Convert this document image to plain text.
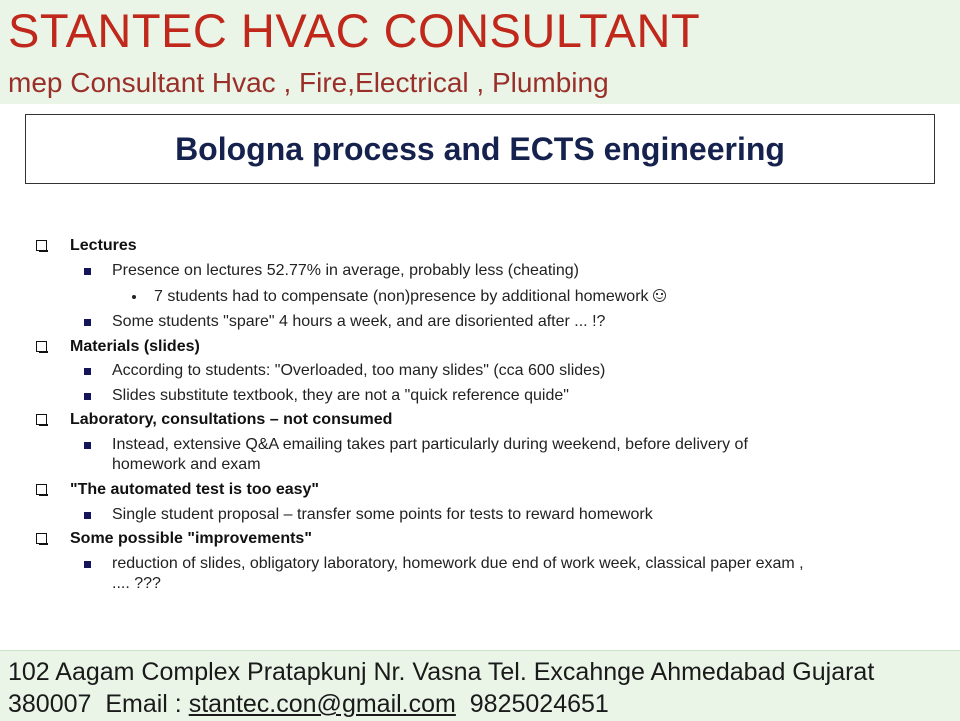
STANTEC HVAC CONSULTANT
mep Consultant Hvac , Fire,Electrical , Plumbing
Bologna process and ECTS engineering
Lectures
Presence on lectures 52.77% in average, probably less (cheating)
7 students had to compensate (non)presence by additional homework
Some students "spare" 4 hours a week, and are disoriented after ... !?
Materials (slides)
According to students: "Overloaded, too many slides" (cca 600 slides)
Slides substitute textbook, they are not a "quick reference quide"
Laboratory, consultations – not consumed
Instead, extensive Q&A emailing takes part particularly during weekend, before delivery of
homework and exam
"The automated test is too easy"
Single student proposal – transfer some points for tests to reward homework
Some possible "improvements"
reduction of slides, obligatory laboratory, homework due end of work week, classical paper exam ,
.... ???
102 Aagam Complex Pratapkunj Nr. Vasna Tel. Excahnge Ahmedabad Gujarat
380007 Email : stantec.con@gmail.com 9825024651
